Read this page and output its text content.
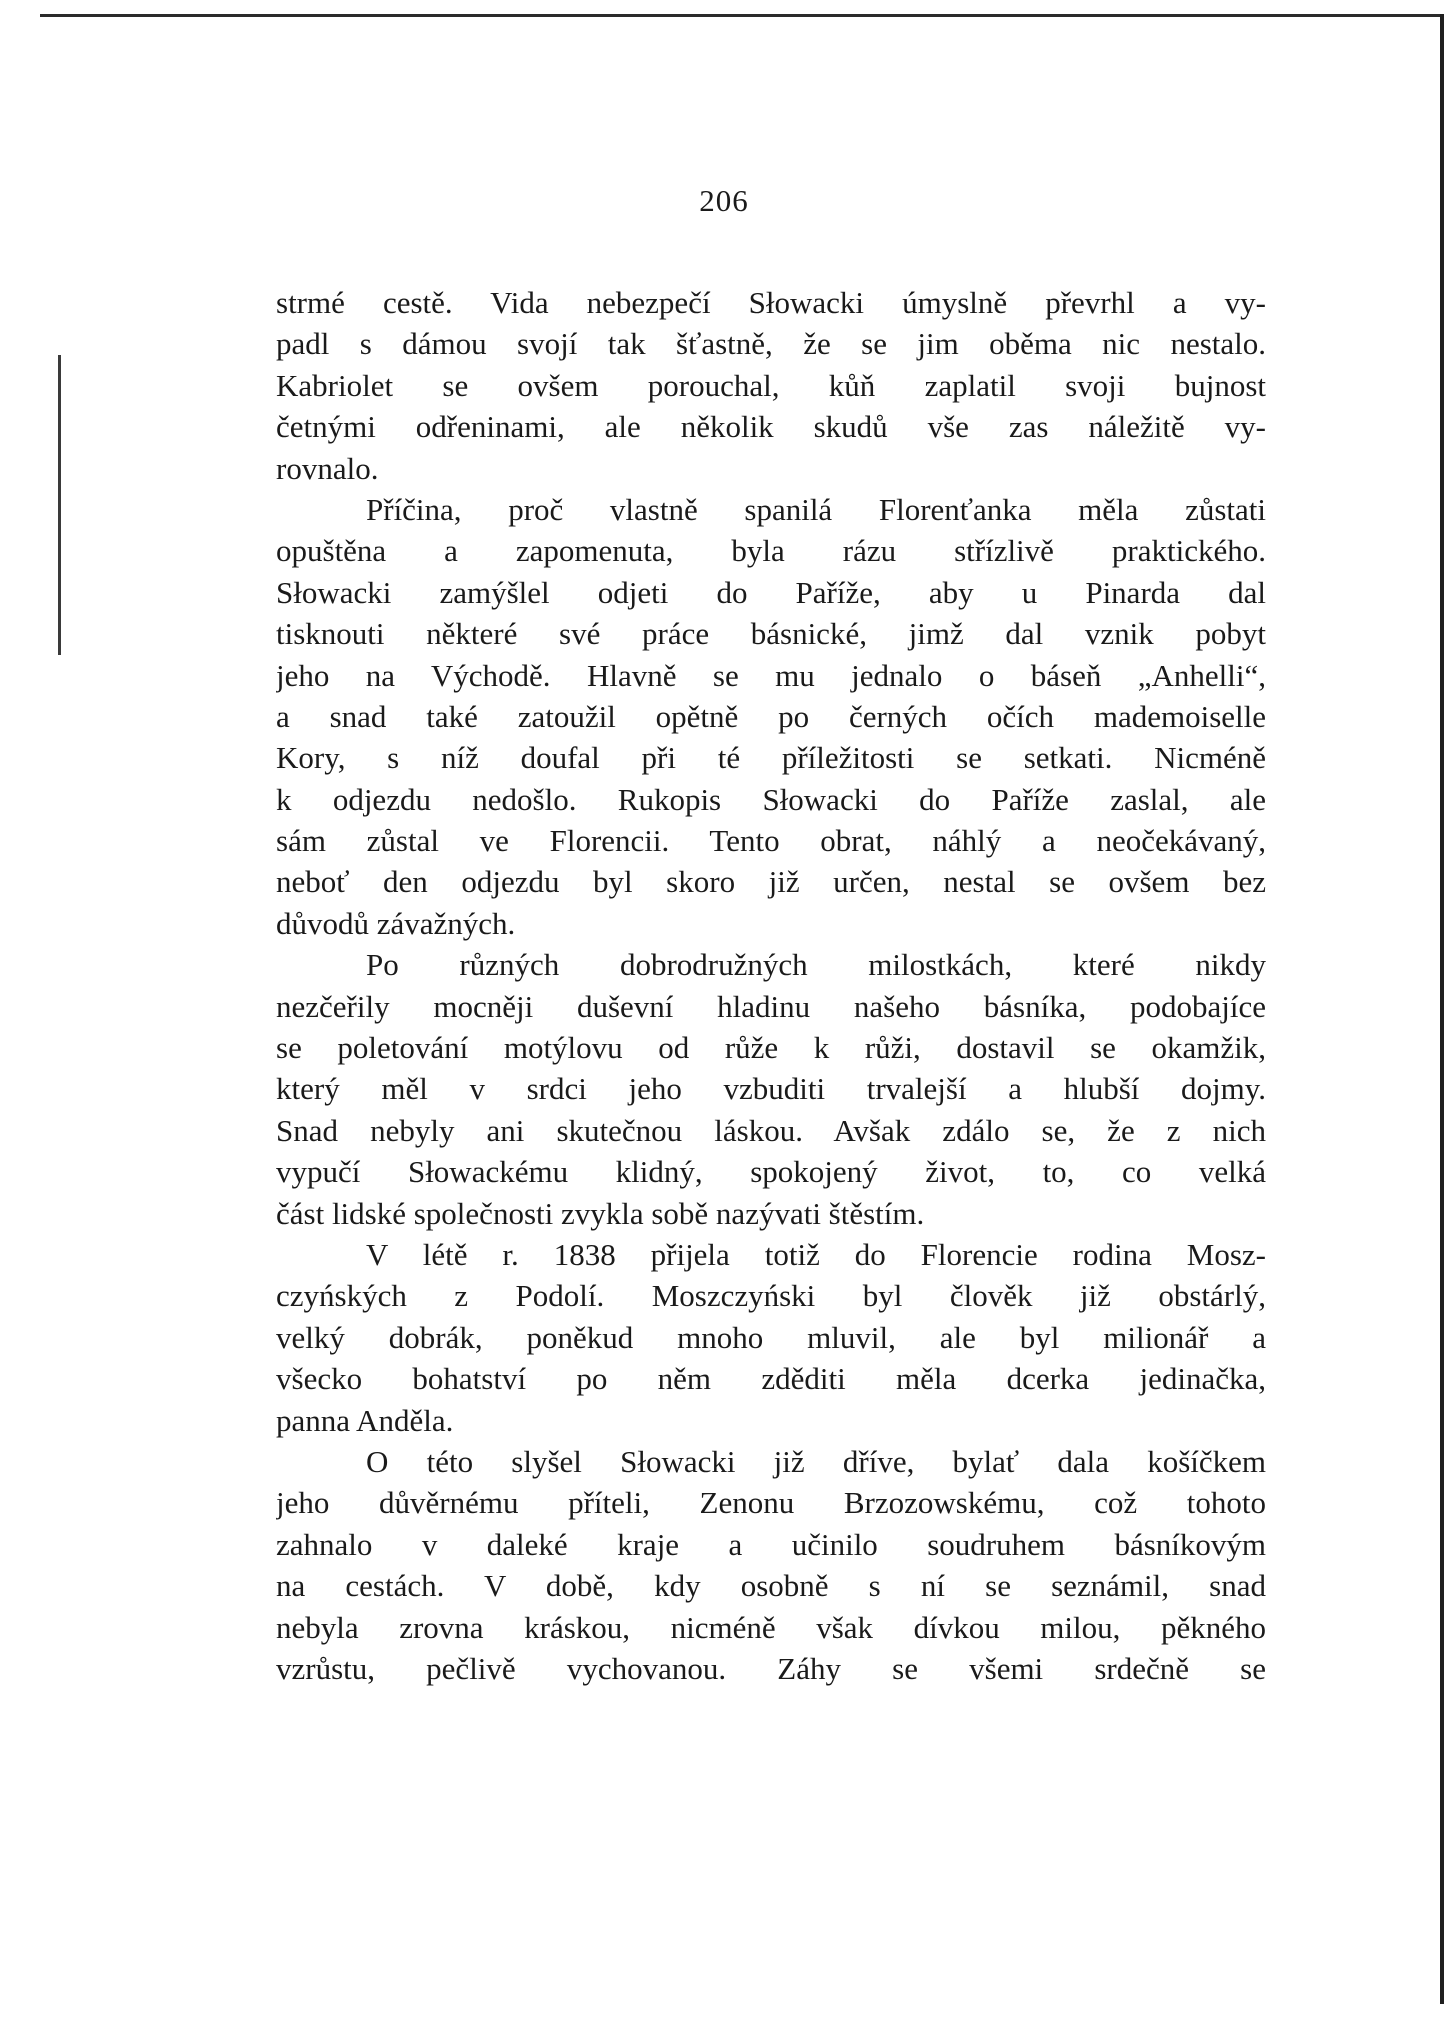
206
strmé cestě. Vida nebezpečí Słowacki úmyslně převrhl a vy-
padl s dámou svojí tak šťastně, že se jim oběma nic nestalo.
Kabriolet se ovšem porouchal, kůň zaplatil svoji bujnost
četnými odřeninami, ale několik skudů vše zas náležitě vy-
rovnalo.
Příčina, proč vlastně spanilá Florenťanka měla zůstati
opuštěna a zapomenuta, byla rázu střízlivě praktického.
Słowacki zamýšlel odjeti do Paříže, aby u Pinarda dal
tisknouti některé své práce básnické, jimž dal vznik pobyt
jeho na Východě. Hlavně se mu jednalo o báseň „Anhelli“,
a snad také zatoužil opětně po černých očích mademoiselle
Kory, s níž doufal při té příležitosti se setkati. Nicméně
k odjezdu nedošlo. Rukopis Słowacki do Paříže zaslal, ale
sám zůstal ve Florencii. Tento obrat, náhlý a neočekávaný,
neboť den odjezdu byl skoro již určen, nestal se ovšem bez
důvodů závažných.
Po různých dobrodružných milostkách, které nikdy
nezčeřily mocněji duševní hladinu našeho básníka, podobajíce
se poletování motýlovu od růže k růži, dostavil se okamžik,
který měl v srdci jeho vzbuditi trvalejší a hlubší dojmy.
Snad nebyly ani skutečnou láskou. Avšak zdálo se, že z nich
vypučí Słowackému klidný, spokojený život, to, co velká
část lidské společnosti zvykla sobě nazývati štěstím.
V létě r. 1838 přijela totiž do Florencie rodina Mosz-
czyńských z Podolí. Moszczyński byl člověk již obstárlý,
velký dobrák, poněkud mnoho mluvil, ale byl milionář a
všecko bohatství po něm zděditi měla dcerka jedinačka,
panna Anděla.
O této slyšel Słowacki již dříve, bylať dala košíčkem
jeho důvěrnému příteli, Zenonu Brzozowskému, což tohoto
zahnalo v daleké kraje a učinilo soudruhem básníkovým
na cestách. V době, kdy osobně s ní se seznámil, snad
nebyla zrovna kráskou, nicméně však dívkou milou, pěkného
vzrůstu, pečlivě vychovanou. Záhy se všemi srdečně se
